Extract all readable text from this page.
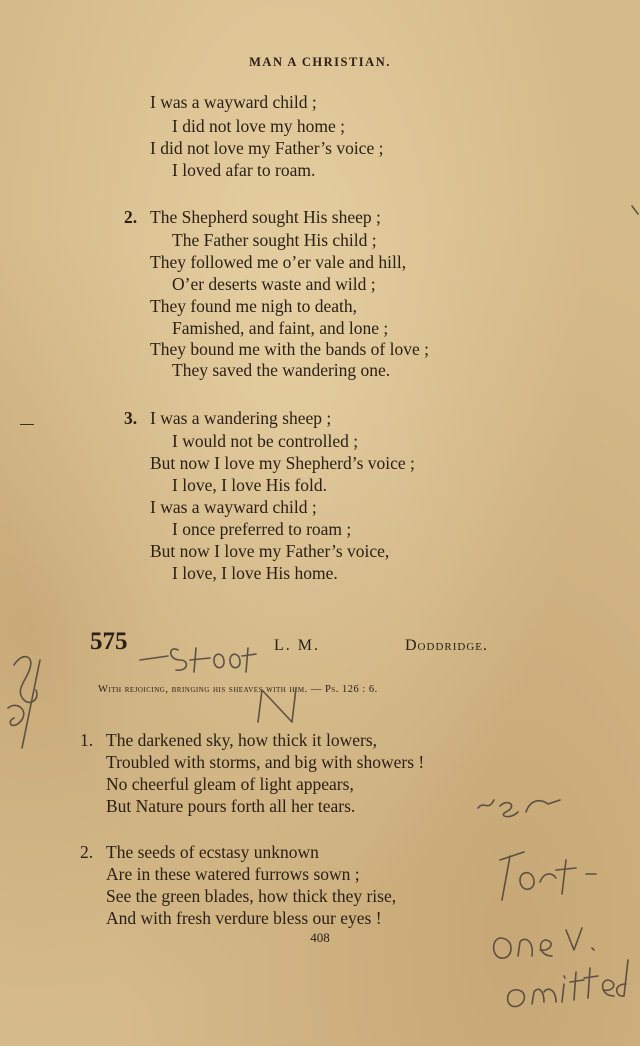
MAN A CHRISTIAN.
I was a wayward child ;
I did not love my home ;
I did not love my Father’s voice ;
I loved afar to roam.
2. The Shepherd sought His sheep ;
The Father sought His child ;
They followed me o’er vale and hill,
O’er deserts waste and wild ;
They found me nigh to death,
Famished, and faint, and lone ;
They bound me with the bands of love ;
They saved the wandering one.
3. I was a wandering sheep ;
I would not be controlled ;
But now I love my Shepherd’s voice ;
I love, I love His fold.
I was a wayward child ;
I once preferred to roam ;
But now I love my Father’s voice,
I love, I love His home.
575	L. M.	Doddridge.
With rejoicing, bringing his sheaves with him. — Ps. 126 : 6.
1. The darkened sky, how thick it lowers,
Troubled with storms, and big with showers !
No cheerful gleam of light appears,
But Nature pours forth all her tears.
2. The seeds of ecstasy unknown
Are in these watered furrows sown ;
See the green blades, how thick they rise,
And with fresh verdure bless our eyes !
408
